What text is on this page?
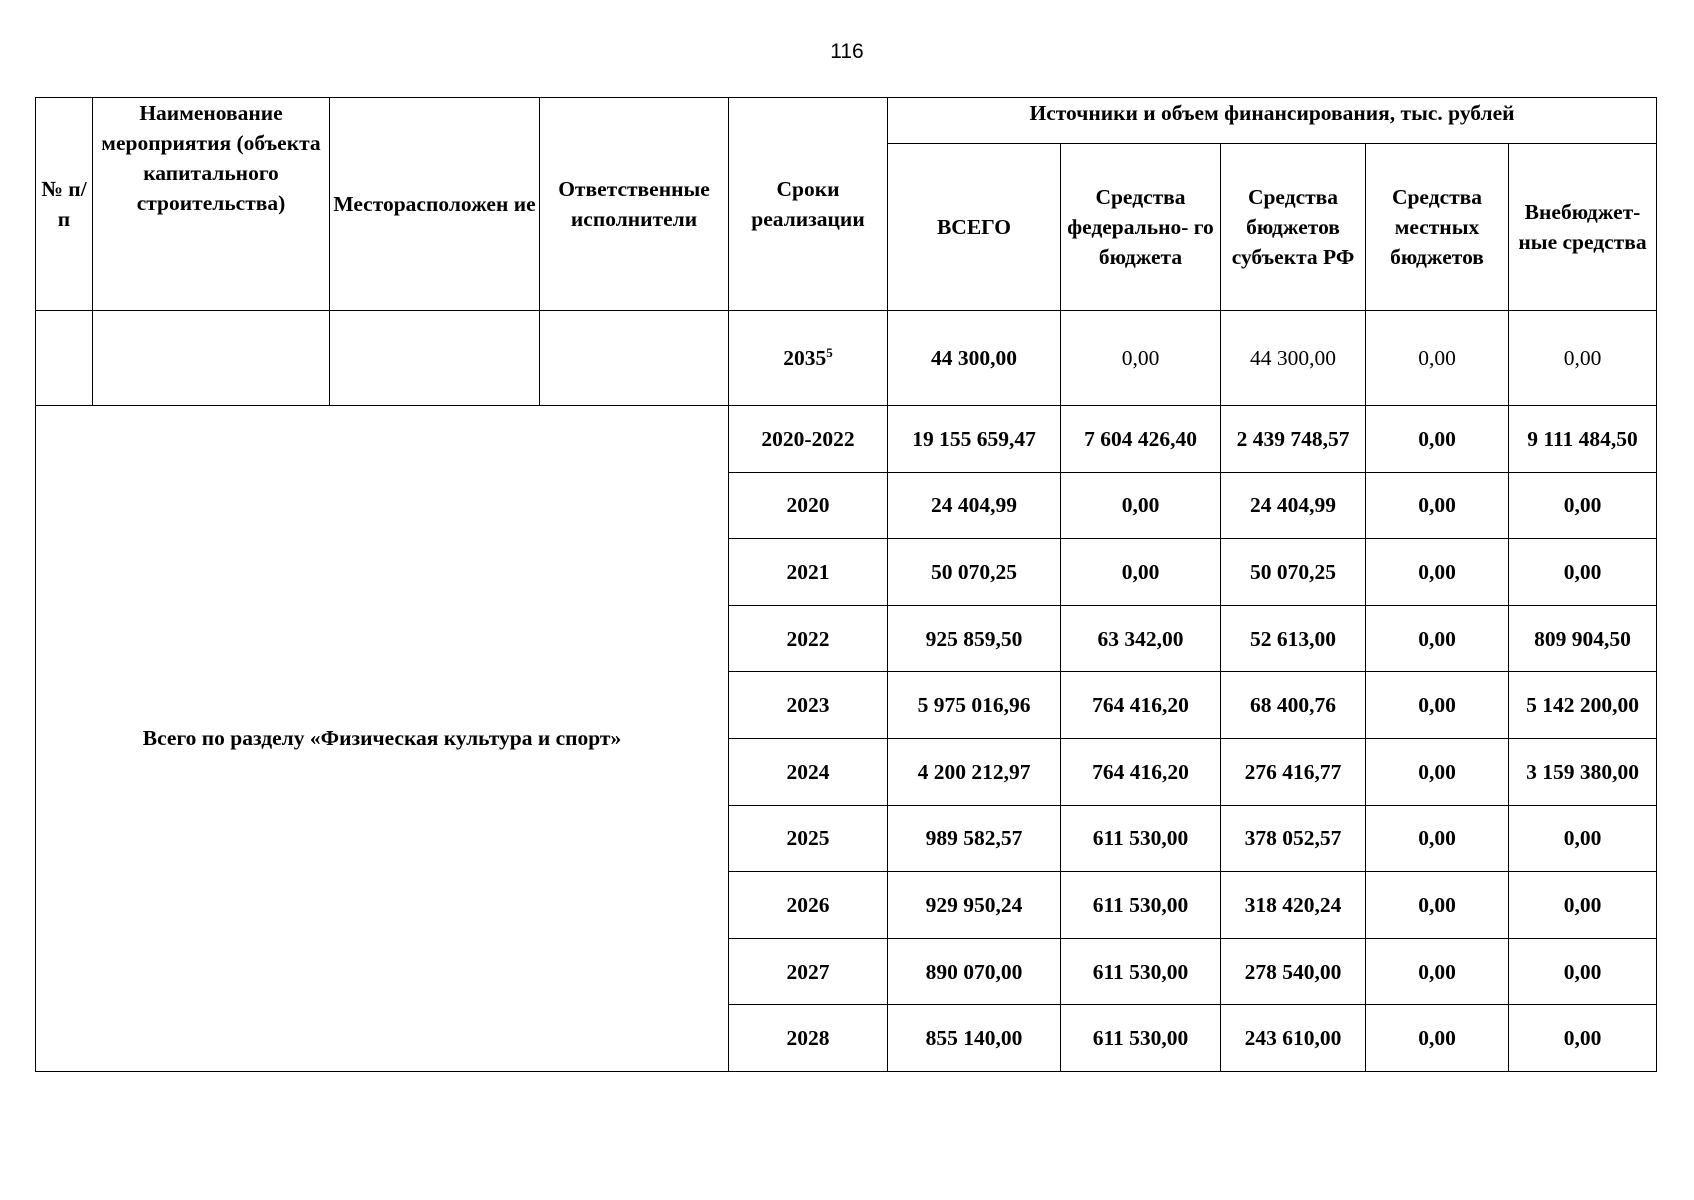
116
№ п/п	Наименование мероприятия (объекта капитального строительства)	Месторасположен ие	Ответственные исполнители	Сроки реализации	Источники и объем финансирования, тыс. рублей				
					ВСЕГО	Средства федерально- го бюджета	Средства бюджетов субъекта РФ	Средства местных бюджетов	Внебюджет- ные средства
				2035$^5$	44 300,00	0,00	44 300,00	0,00	0,00
Всего по разделу «Физическая культура и спорт»				2020-2022	19 155 659,47	7 604 426,40	2 439 748,57	0,00	9 111 484,50
				2020	24 404,99	0,00	24 404,99	0,00	0,00
				2021	50 070,25	0,00	50 070,25	0,00	0,00
				2022	925 859,50	63 342,00	52 613,00	0,00	809 904,50
				2023	5 975 016,96	764 416,20	68 400,76	0,00	5 142 200,00
				2024	4 200 212,97	764 416,20	276 416,77	0,00	3 159 380,00
				2025	989 582,57	611 530,00	378 052,57	0,00	0,00
				2026	929 950,24	611 530,00	318 420,24	0,00	0,00
				2027	890 070,00	611 530,00	278 540,00	0,00	0,00
				2028	855 140,00	611 530,00	243 610,00	0,00	0,00
